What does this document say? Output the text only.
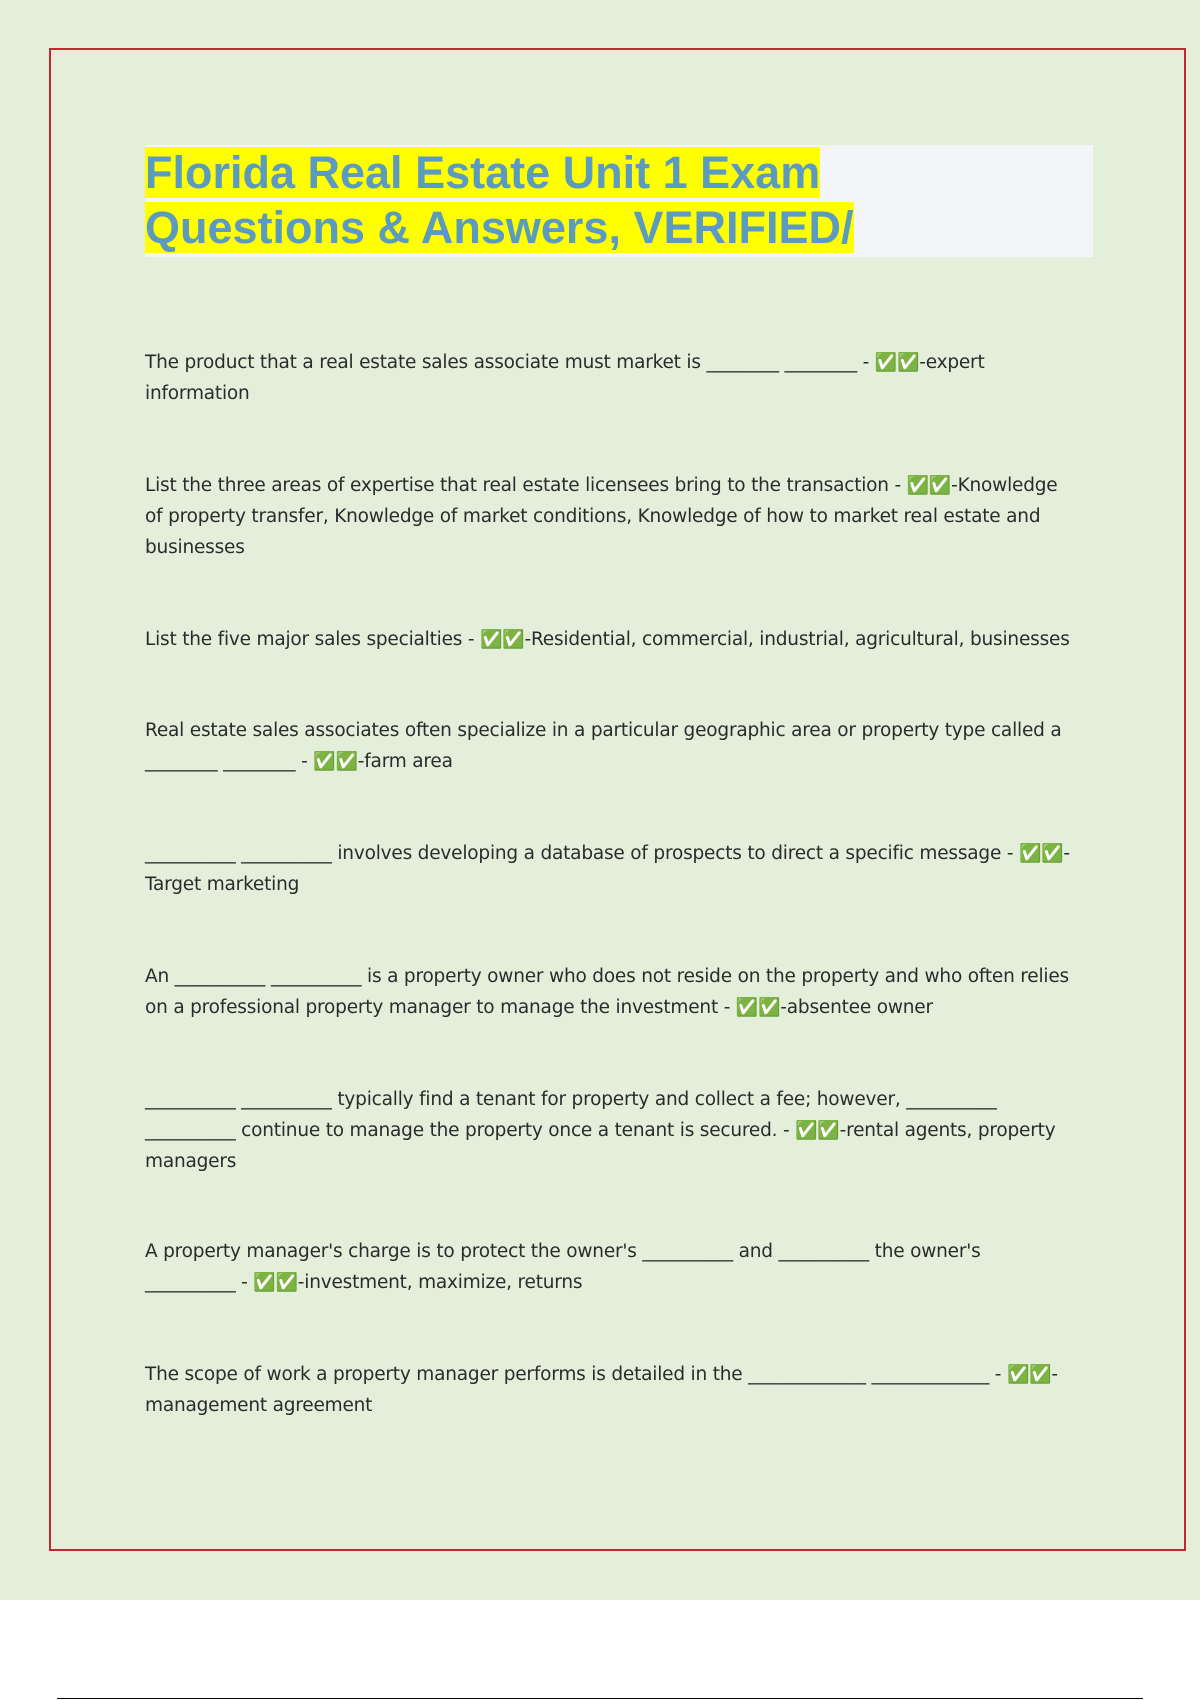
Florida Real Estate Unit 1 Exam
Questions & Answers, VERIFIED/

The product that a real estate sales associate must market is ________ ________ - ✅✅-expert information

List the three areas of expertise that real estate licensees bring to the transaction - ✅✅-Knowledge of property transfer, Knowledge of market conditions, Knowledge of how to market real estate and businesses

List the five major sales specialties - ✅✅-Residential, commercial, industrial, agricultural, businesses

Real estate sales associates often specialize in a particular geographic area or property type called a ________ ________ - ✅✅-farm area

__________ __________ involves developing a database of prospects to direct a specific message - ✅✅-Target marketing

An __________ __________ is a property owner who does not reside on the property and who often relies on a professional property manager to manage the investment - ✅✅-absentee owner

__________ __________ typically find a tenant for property and collect a fee; however, __________ __________ continue to manage the property once a tenant is secured. - ✅✅-rental agents, property managers

A property manager's charge is to protect the owner's __________ and __________ the owner's __________ - ✅✅-investment, maximize, returns

The scope of work a property manager performs is detailed in the _____________ _____________ - ✅✅-management agreement
